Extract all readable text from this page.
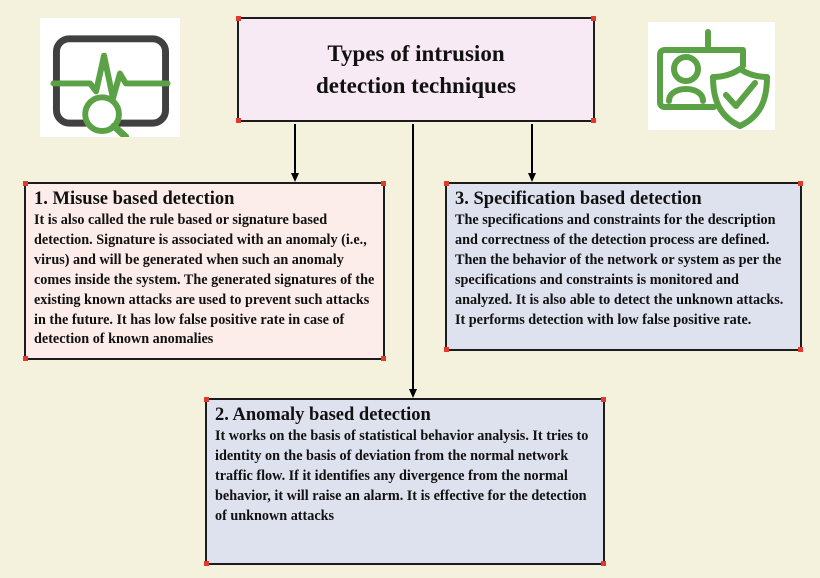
Types of intrusion
detection techniques
1. Misuse based detection

It is also called the rule based or signature based detection. Signature is associated with an anomaly (i.e., virus) and will be generated when such an anomaly comes inside the system. The generated signatures of the existing known attacks are used to prevent such attacks in the future. It has low false positive rate in case of detection of known anomalies

2. Anomaly based detection

It works on the basis of statistical behavior analysis. It tries to identity on the basis of deviation from the normal network traffic flow. If it identifies any divergence from the normal behavior, it will raise an alarm. It is effective for the detection of unknown attacks

3. Specification based detection

The specifications and constraints for the description and correctness of the detection process are defined. Then the behavior of the network or system as per the specifications and constraints is monitored and analyzed. It is also able to detect the unknown attacks. It performs detection with low false positive rate.
